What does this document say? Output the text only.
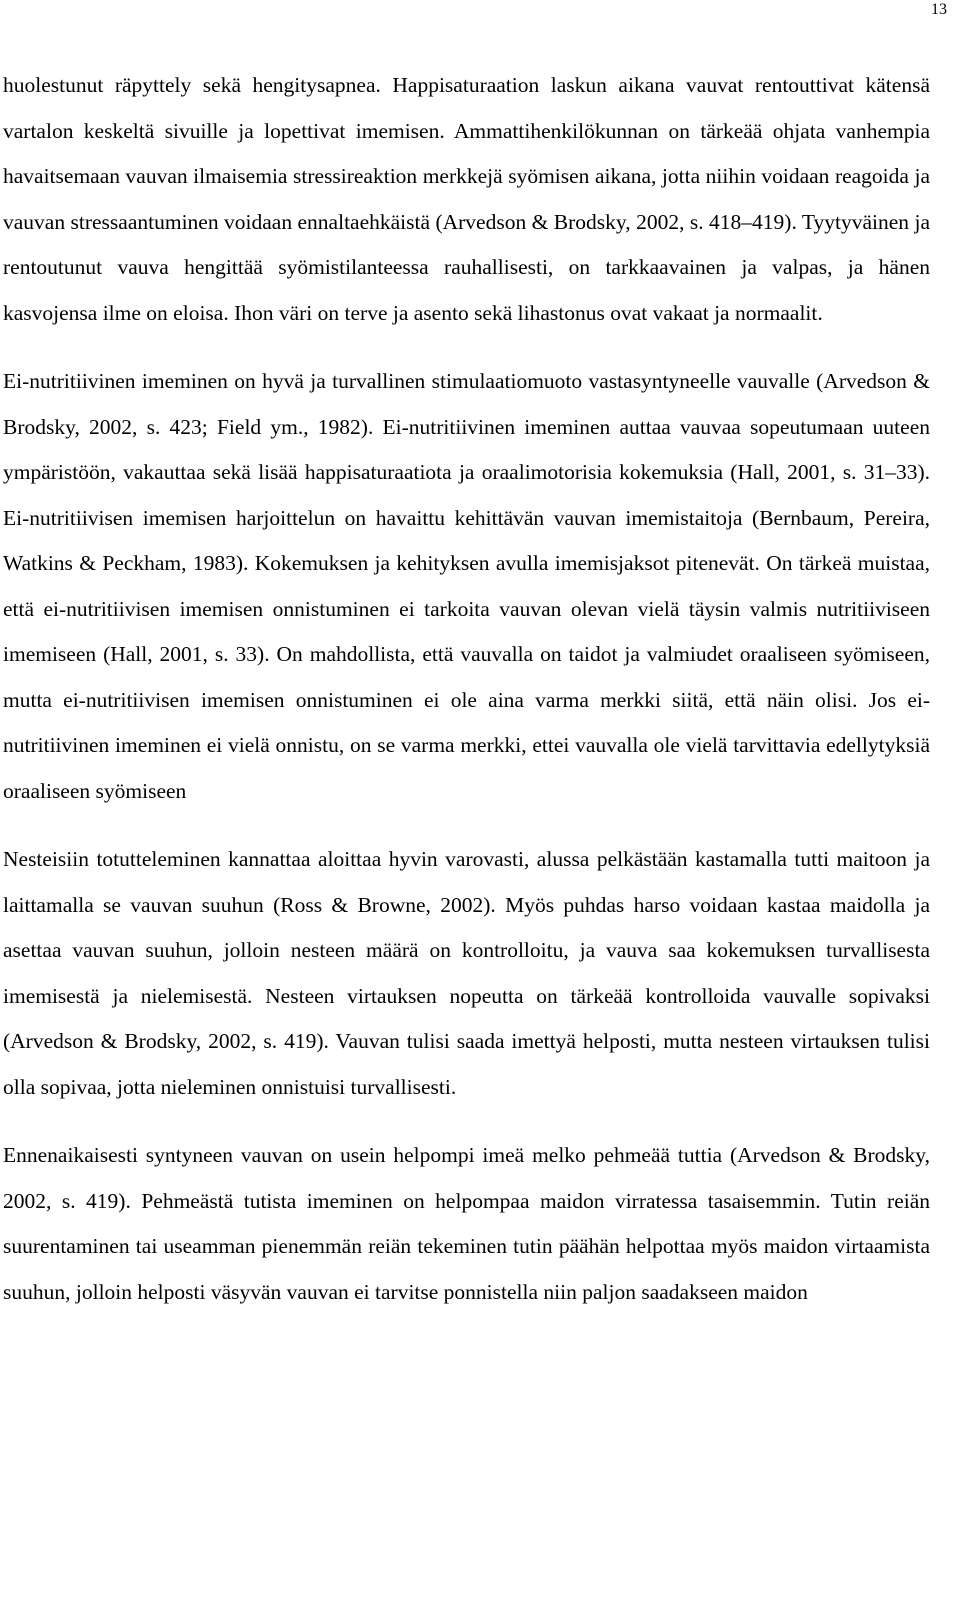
13

huolestunut räpyttely sekä hengitysapnea. Happisaturaation laskun aikana vauvat rentouttivat kätensä vartalon keskeltä sivuille ja lopettivat imemisen. Ammattihenkilökunnan on tärkeää ohjata vanhempia havaitsemaan vauvan ilmaisemia stressireaktion merkkejä syömisen aikana, jotta niihin voidaan reagoida ja vauvan stressaantuminen voidaan ennaltaehkäistä (Arvedson & Brodsky, 2002, s. 418–419). Tyytyväinen ja rentoutunut vauva hengittää syömistilanteessa rauhallisesti, on tarkkaavainen ja valpas, ja hänen kasvojensa ilme on eloisa. Ihon väri on terve ja asento sekä lihastonus ovat vakaat ja normaalit.

Ei-nutritiivinen imeminen on hyvä ja turvallinen stimulaatiomuoto vastasyntyneelle vauvalle (Arvedson & Brodsky, 2002, s. 423; Field ym., 1982). Ei-nutritiivinen imeminen auttaa vauvaa sopeutumaan uuteen ympäristöön, vakauttaa sekä lisää happisaturaatiota ja oraalimotorisia kokemuksia (Hall, 2001, s. 31–33). Ei-nutritiivisen imemisen harjoittelun on havaittu kehittävän vauvan imemistaitoja (Bernbaum, Pereira, Watkins & Peckham, 1983). Kokemuksen ja kehityksen avulla imemisjaksot pitenevät. On tärkeä muistaa, että ei-nutritiivisen imemisen onnistuminen ei tarkoita vauvan olevan vielä täysin valmis nutritiiviseen imemiseen (Hall, 2001, s. 33). On mahdollista, että vauvalla on taidot ja valmiudet oraaliseen syömiseen, mutta ei-nutritiivisen imemisen onnistuminen ei ole aina varma merkki siitä, että näin olisi. Jos ei-nutritiivinen imeminen ei vielä onnistu, on se varma merkki, ettei vauvalla ole vielä tarvittavia edellytyksiä oraaliseen syömiseen

Nesteisiin totutteleminen kannattaa aloittaa hyvin varovasti, alussa pelkästään kastamalla tutti maitoon ja laittamalla se vauvan suuhun (Ross & Browne, 2002). Myös puhdas harso voidaan kastaa maidolla ja asettaa vauvan suuhun, jolloin nesteen määrä on kontrolloitu, ja vauva saa kokemuksen turvallisesta imemisestä ja nielemisestä. Nesteen virtauksen nopeutta on tärkeää kontrolloida vauvalle sopivaksi (Arvedson & Brodsky, 2002, s. 419). Vauvan tulisi saada imettyä helposti, mutta nesteen virtauksen tulisi olla sopivaa, jotta nieleminen onnistuisi turvallisesti.

Ennenaikaisesti syntyneen vauvan on usein helpompi imeä melko pehmeää tuttia (Arvedson & Brodsky, 2002, s. 419). Pehmeästä tutista imeminen on helpompaa maidon virratessa tasaisemmin. Tutin reiän suurentaminen tai useamman pienemmän reiän tekeminen tutin päähän helpottaa myös maidon virtaamista suuhun, jolloin helposti väsyvän vauvan ei tarvitse ponnistella niin paljon saadakseen maidon
